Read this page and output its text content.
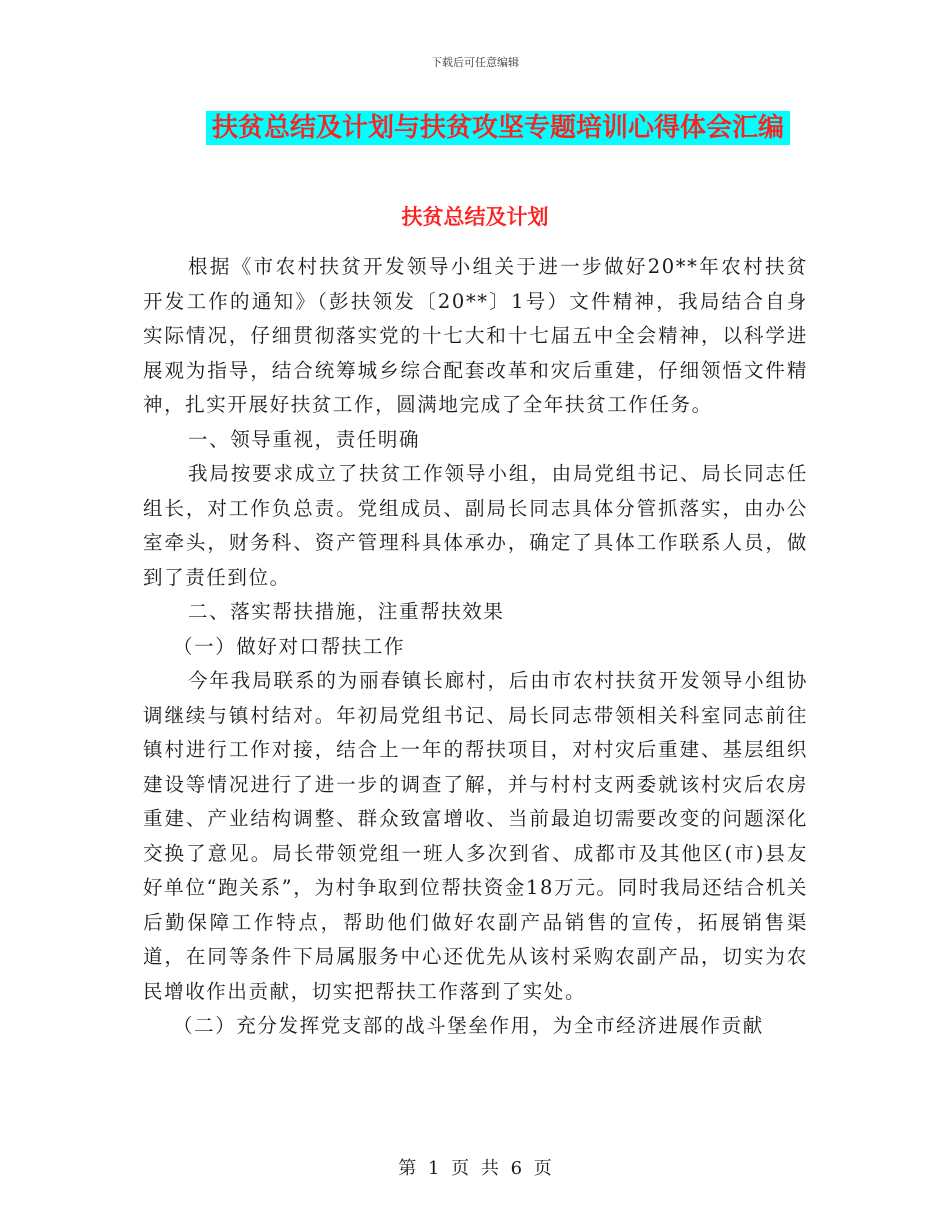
下载后可任意编辑
扶贫总结及计划与扶贫攻坚专题培训心得体会汇编
扶贫总结及计划

根据《市农村扶贫开发领导小组关于进一步做好20**年农村扶贫开发工作的通知》（彭扶领发〔20**〕1号）文件精神，我局结合自身实际情况，仔细贯彻落实党的十七大和十七届五中全会精神，以科学进展观为指导，结合统筹城乡综合配套改革和灾后重建，仔细领悟文件精神，扎实开展好扶贫工作，圆满地完成了全年扶贫工作任务。

一、领导重视，责任明确

我局按要求成立了扶贫工作领导小组，由局党组书记、局长同志任组长，对工作负总责。党组成员、副局长同志具体分管抓落实，由办公室牵头，财务科、资产管理科具体承办，确定了具体工作联系人员，做到了责任到位。

二、落实帮扶措施，注重帮扶效果

（一）做好对口帮扶工作

今年我局联系的为丽春镇长廊村，后由市农村扶贫开发领导小组协调继续与镇村结对。年初局党组书记、局长同志带领相关科室同志前往镇村进行工作对接，结合上一年的帮扶项目，对村灾后重建、基层组织建设等情况进行了进一步的调查了解，并与村村支两委就该村灾后农房重建、产业结构调整、群众致富增收、当前最迫切需要改变的问题深化交换了意见。局长带领党组一班人多次到省、成都市及其他区(市)县友好单位“跑关系”，为村争取到位帮扶资金18万元。同时我局还结合机关后勤保障工作特点，帮助他们做好农副产品销售的宣传，拓展销售渠道，在同等条件下局属服务中心还优先从该村采购农副产品，切实为农民增收作出贡献，切实把帮扶工作落到了实处。

（二）充分发挥党支部的战斗堡垒作用，为全市经济进展作贡献

第 1 页 共 6 页
